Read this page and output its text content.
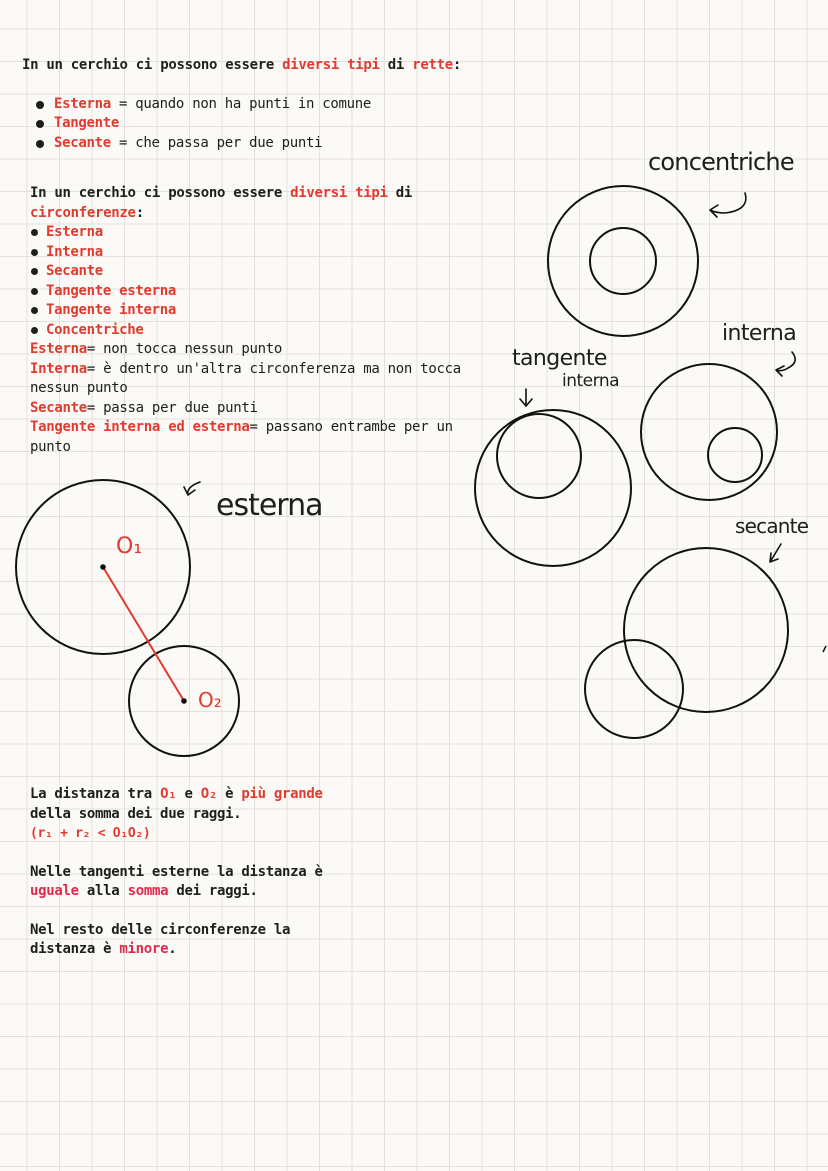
In un cerchio ci possono essere diversi tipi di rette:
Esterna = quando non ha punti in comune
Tangente
Secante = che passa per due punti
In un cerchio ci possono essere diversi tipi di circonferenze:
Esterna
Interna
Secante
Tangente esterna
Tangente interna
Concentriche
Esterna= non tocca nessun punto
Interna= è dentro un'altra circonferenza ma non tocca nessun punto
Secante= passa per due punti
Tangente interna ed esterna= passano entrambe per un punto
La distanza tra O₁ e O₂ è più grande
della somma dei due raggi.
(r₁ + r₂ < O₁O₂)
Nelle tangenti esterne la distanza è
uguale alla somma dei raggi.
Nel resto delle circonferenze la
distanza è minore.
esterna
O₁
O₂
concentriche
tangente
interna
interna
secante
